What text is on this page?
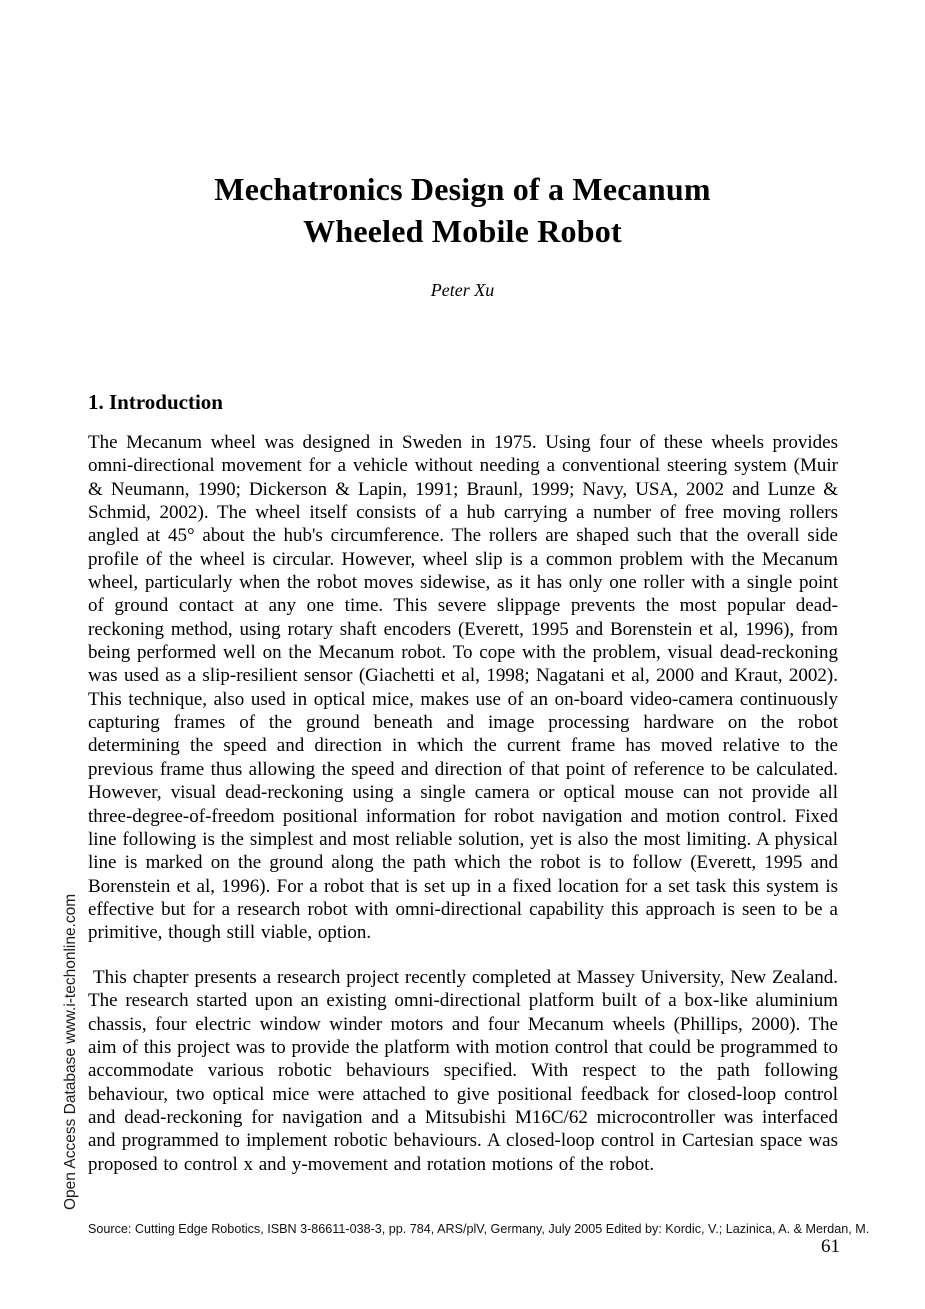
Mechatronics Design of a Mecanum
Wheeled Mobile Robot
Peter Xu
1. Introduction
The Mecanum wheel was designed in Sweden in 1975. Using four of these wheels provides omni-directional movement for a vehicle without needing a conventional steering system (Muir & Neumann, 1990; Dickerson & Lapin, 1991; Braunl, 1999; Navy, USA, 2002 and Lunze & Schmid, 2002). The wheel itself consists of a hub carrying a number of free moving rollers angled at 45° about the hub's circumference. The rollers are shaped such that the overall side profile of the wheel is circular. However, wheel slip is a common problem with the Mecanum wheel, particularly when the robot moves sidewise, as it has only one roller with a single point of ground contact at any one time. This severe slippage prevents the most popular dead-reckoning method, using rotary shaft encoders (Everett, 1995 and Borenstein et al, 1996), from being performed well on the Mecanum robot. To cope with the problem, visual dead-reckoning was used as a slip-resilient sensor (Giachetti et al, 1998; Nagatani et al, 2000 and Kraut, 2002). This technique, also used in optical mice, makes use of an on-board video-camera continuously capturing frames of the ground beneath and image processing hardware on the robot determining the speed and direction in which the current frame has moved relative to the previous frame thus allowing the speed and direction of that point of reference to be calculated. However, visual dead-reckoning using a single camera or optical mouse can not provide all three-degree-of-freedom positional information for robot navigation and motion control. Fixed line following is the simplest and most reliable solution, yet is also the most limiting. A physical line is marked on the ground along the path which the robot is to follow (Everett, 1995 and Borenstein et al, 1996). For a robot that is set up in a fixed location for a set task this system is effective but for a research robot with omni-directional capability this approach is seen to be a primitive, though still viable, option.
This chapter presents a research project recently completed at Massey University, New Zealand. The research started upon an existing omni-directional platform built of a box-like aluminium chassis, four electric window winder motors and four Mecanum wheels (Phillips, 2000). The aim of this project was to provide the platform with motion control that could be programmed to accommodate various robotic behaviours specified. With respect to the path following behaviour, two optical mice were attached to give positional feedback for closed-loop control and dead-reckoning for navigation and a Mitsubishi M16C/62 microcontroller was interfaced and programmed to implement robotic behaviours. A closed-loop control in Cartesian space was proposed to control x and y-movement and rotation motions of the robot.
Open Access Database www.i-techonline.com
Source: Cutting Edge Robotics, ISBN 3-86611-038-3, pp. 784, ARS/plV, Germany, July 2005 Edited by: Kordic, V.; Lazinica, A. & Merdan, M.
61
